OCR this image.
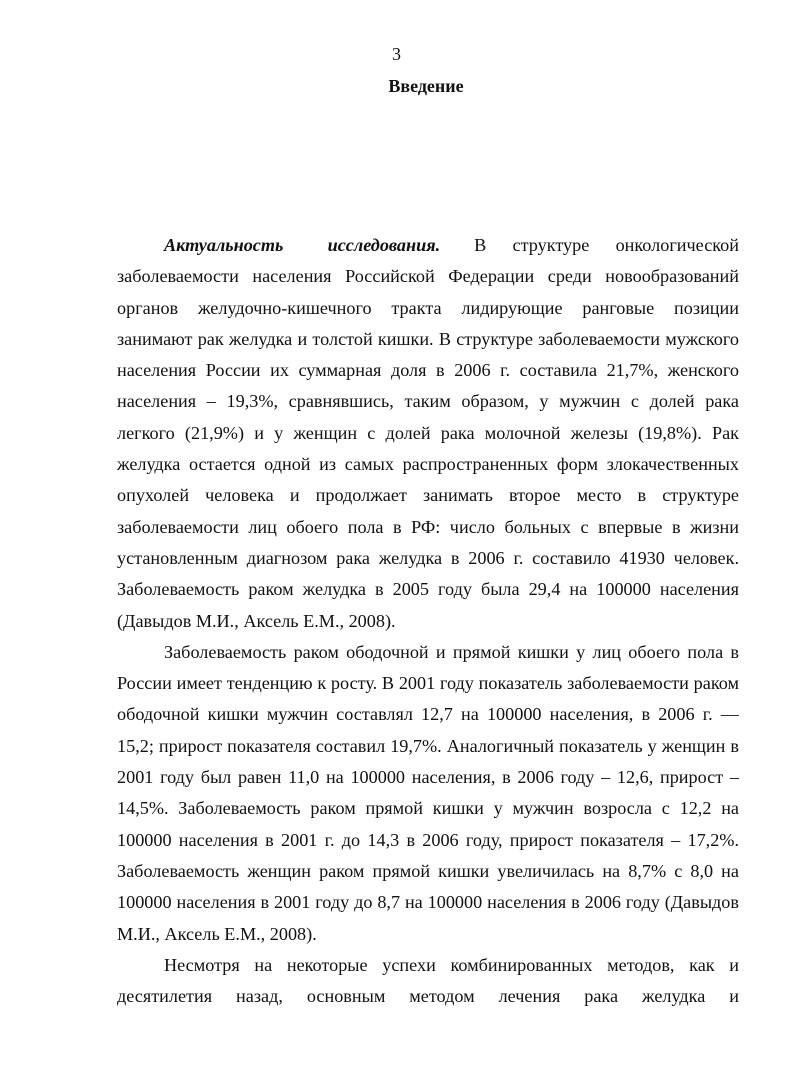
3
Введение

Актуальность исследования. В структуре онкологической заболеваемости населения Российской Федерации среди новообразований органов желудочно-кишечного тракта лидирующие ранговые позиции занимают рак желудка и толстой кишки. В структуре заболеваемости мужского населения России их суммарная доля в 2006 г. составила 21,7%, женского населения – 19,3%, сравнявшись, таким образом, у мужчин с долей рака легкого (21,9%) и у женщин с долей рака молочной железы (19,8%). Рак желудка остается одной из самых распространенных форм злокачественных опухолей человека и продолжает занимать второе место в структуре заболеваемости лиц обоего пола в РФ: число больных с впервые в жизни установленным диагнозом рака желудка в 2006 г. составило 41930 человек. Заболеваемость раком желудка в 2005 году была 29,4 на 100000 населения (Давыдов М.И., Аксель Е.М., 2008).

Заболеваемость раком ободочной и прямой кишки у лиц обоего пола в России имеет тенденцию к росту. В 2001 году показатель заболеваемости раком ободочной кишки мужчин составлял 12,7 на 100000 населения, в 2006 г. — 15,2; прирост показателя составил 19,7%. Аналогичный показатель у женщин в 2001 году был равен 11,0 на 100000 населения, в 2006 году – 12,6, прирост – 14,5%. Заболеваемость раком прямой кишки у мужчин возросла с 12,2 на 100000 населения в 2001 г. до 14,3 в 2006 году, прирост показателя – 17,2%. Заболеваемость женщин раком прямой кишки увеличилась на 8,7% с 8,0 на 100000 населения в 2001 году до 8,7 на 100000 населения в 2006 году (Давыдов М.И., Аксель Е.М., 2008).

Несмотря на некоторые успехи комбинированных методов, как и десятилетия назад, основным методом лечения рака желудка и
